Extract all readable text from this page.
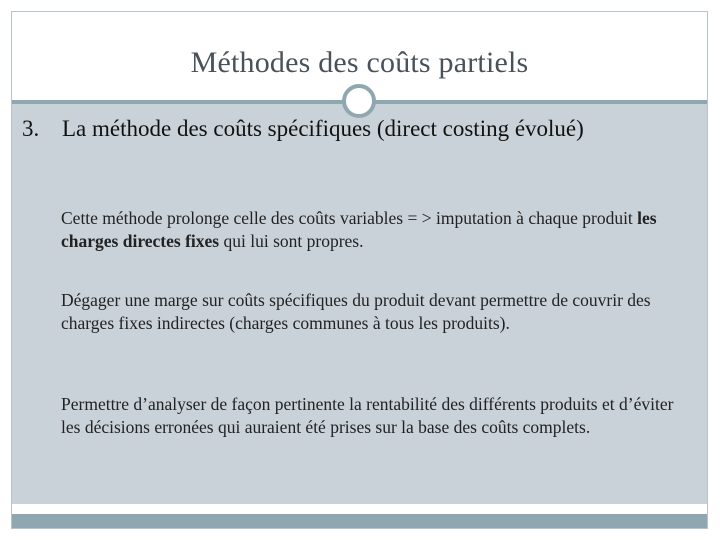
Méthodes des coûts partiels
3. La méthode des coûts spécifiques (direct costing évolué)
Cette méthode prolonge celle des coûts variables = > imputation à chaque produit les charges directes fixes qui lui sont propres.
Dégager une marge sur coûts spécifiques du produit devant permettre de couvrir des charges fixes indirectes (charges communes à tous les produits).
Permettre d’analyser de façon pertinente la rentabilité des différents produits et d’éviter les décisions erronées qui auraient été prises sur la base des coûts complets.
